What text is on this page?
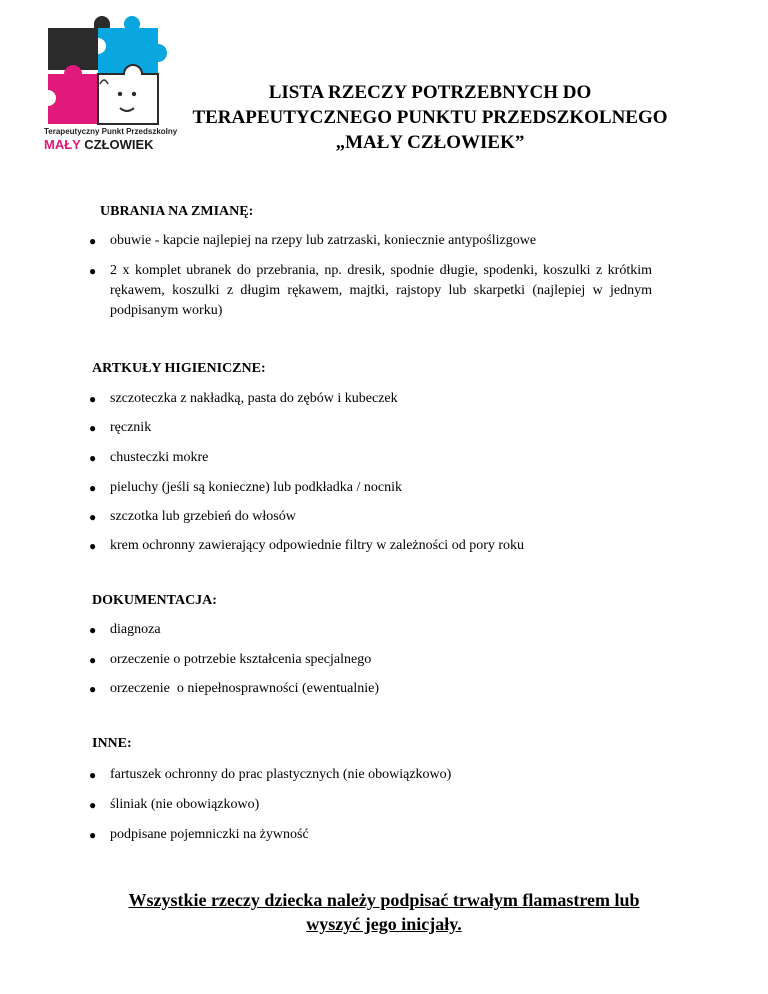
Terapeutyczny Punkt Przedszkolny
MAŁY CZŁOWIEK
LISTA RZECZY POTRZEBNYCH DO
TERAPEUTYCZNEGO PUNKTU PRZEDSZKOLNEGO
„MAŁY CZŁOWIEK”
UBRANIA NA ZMIANĘ:
● obuwie - kapcie najlepiej na rzepy lub zatrzaski, koniecznie antypoślizgowe
● 2 x komplet ubranek do przebrania, np. dresik, spodnie długie, spodenki, koszulki z krótkim rękawem, koszulki z długim rękawem, majtki, rajstopy lub skarpetki (najlepiej w jednym podpisanym worku)
ARTKUŁY HIGIENICZNE:
● szczoteczka z nakładką, pasta do zębów i kubeczek
● ręcznik
● chusteczki mokre
● pieluchy (jeśli są konieczne) lub podkładka / nocnik
● szczotka lub grzebień do włosów
● krem ochronny zawierający odpowiednie filtry w zależności od pory roku
DOKUMENTACJA:
● diagnoza
● orzeczenie o potrzebie kształcenia specjalnego
● orzeczenie  o niepełnosprawności (ewentualnie)
INNE:
● fartuszek ochronny do prac plastycznych (nie obowiązkowo)
● śliniak (nie obowiązkowo)
● podpisane pojemniczki na żywność
Wszystkie rzeczy dziecka należy podpisać trwałym flamastrem lub
wyszyć jego inicjały.
